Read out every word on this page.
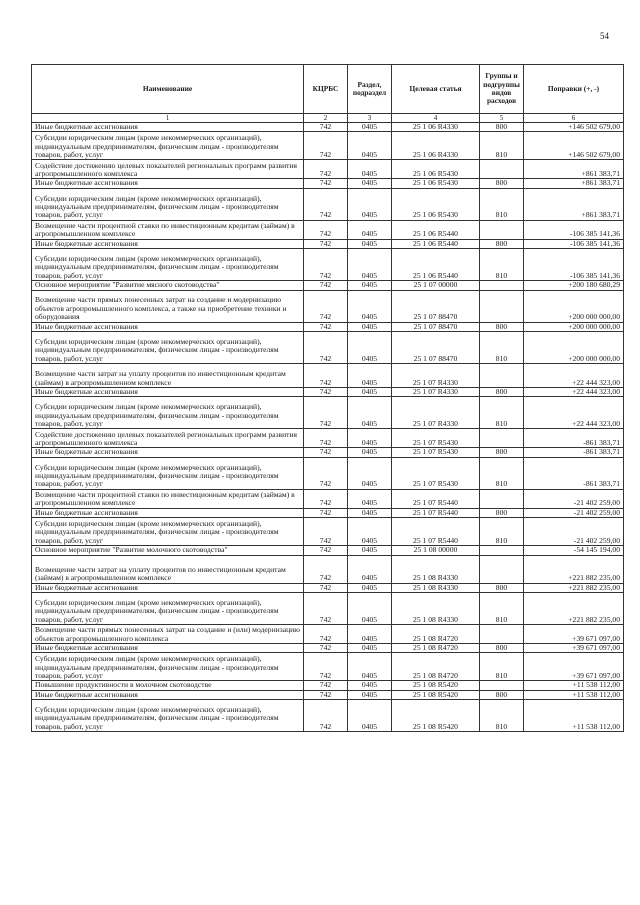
54
Наименование	КЦРБС	Раздел, подраздел	Целевая статья	Группы и подгруппы видов расходов	Поправки (+, -)
1	2	3	4	5	6
Иные бюджетные ассигнования	742	0405	25 1 06 R4330	800	+146 502 679,00
Субсидии юридическим лицам (кроме некоммерческих организаций), индивидуальным предпринимателям, физическим лицам - производителям товаров, работ, услуг	742	0405	25 1 06 R4330	810	+146 502 679,00
Содействие достижению целевых показателей региональных программ развития агропромышленного комплекса	742	0405	25 1 06 R5430		+861 383,71
Иные бюджетные ассигнования	742	0405	25 1 06 R5430	800	+861 383,71
Субсидии юридическим лицам (кроме некоммерческих организаций), индивидуальным предпринимателям, физическим лицам - производителям товаров, работ, услуг	742	0405	25 1 06 R5430	810	+861 383,71
Возмещение части процентной ставки по инвестиционным кредитам (займам) в агропромышленном комплексе	742	0405	25 1 06 R5440		-106 385 141,36
Иные бюджетные ассигнования	742	0405	25 1 06 R5440	800	-106 385 141,36
Субсидии юридическим лицам (кроме некоммерческих организаций), индивидуальным предпринимателям, физическим лицам - производителям товаров, работ, услуг	742	0405	25 1 06 R5440	810	-106 385 141,36
Основное мероприятие "Развитие мясного скотоводства"	742	0405	25 1 07 00000		+200 180 680,29
Возмещение части прямых понесенных затрат на создание и модернизацию объектов агропромышленного комплекса, а также на приобретение техники и оборудования	742	0405	25 1 07 88470		+200 000 000,00
Иные бюджетные ассигнования	742	0405	25 1 07 88470	800	+200 000 000,00
Субсидии юридическим лицам (кроме некоммерческих организаций), индивидуальным предпринимателям, физическим лицам - производителям товаров, работ, услуг	742	0405	25 1 07 88470	810	+200 000 000,00
Возмещение части затрат на уплату процентов по инвестиционным кредитам (займам) в агропромышленном комплексе	742	0405	25 1 07 R4330		+22 444 323,00
Иные бюджетные ассигнования	742	0405	25 1 07 R4330	800	+22 444 323,00
Субсидии юридическим лицам (кроме некоммерческих организаций), индивидуальным предпринимателям, физическим лицам - производителям товаров, работ, услуг	742	0405	25 1 07 R4330	810	+22 444 323,00
Содействие достижению целевых показателей региональных программ развития агропромышленного комплекса	742	0405	25 1 07 R5430		-861 383,71
Иные бюджетные ассигнования	742	0405	25 1 07 R5430	800	-861 383,71
Субсидии юридическим лицам (кроме некоммерческих организаций), индивидуальным предпринимателям, физическим лицам - производителям товаров, работ, услуг	742	0405	25 1 07 R5430	810	-861 383,71
Возмещение части процентной ставки по инвестиционным кредитам (займам) в агропромышленном комплексе	742	0405	25 1 07 R5440		-21 402 259,00
Иные бюджетные ассигнования	742	0405	25 1 07 R5440	800	-21 402 259,00
Субсидии юридическим лицам (кроме некоммерческих организаций), индивидуальным предпринимателям, физическим лицам - производителям товаров, работ, услуг	742	0405	25 1 07 R5440	810	-21 402 259,00
Основное мероприятие "Развитие молочного скотоводства"	742	0405	25 1 08 00000		-54 145 194,00
Возмещение части затрат на уплату процентов по инвестиционным кредитам (займам) в агропромышленном комплексе	742	0405	25 1 08 R4330		+221 882 235,00
Иные бюджетные ассигнования	742	0405	25 1 08 R4330	800	+221 882 235,00
Субсидии юридическим лицам (кроме некоммерческих организаций), индивидуальным предпринимателям, физическим лицам - производителям товаров, работ, услуг	742	0405	25 1 08 R4330	810	+221 882 235,00
Возмещение части прямых понесенных затрат на создание и (или) модернизацию объектов агропромышленного комплекса	742	0405	25 1 08 R4720		+39 671 097,00
Иные бюджетные ассигнования	742	0405	25 1 08 R4720	800	+39 671 097,00
Субсидии юридическим лицам (кроме некоммерческих организаций), индивидуальным предпринимателям, физическим лицам - производителям товаров, работ, услуг	742	0405	25 1 08 R4720	810	+39 671 097,00
Повышение продуктивности в молочном скотоводстве	742	0405	25 1 08 R5420		+11 538 112,00
Иные бюджетные ассигнования	742	0405	25 1 08 R5420	800	+11 538 112,00
Субсидии юридическим лицам (кроме некоммерческих организаций), индивидуальным предпринимателям, физическим лицам - производителям товаров, работ, услуг	742	0405	25 1 08 R5420	810	+11 538 112,00
